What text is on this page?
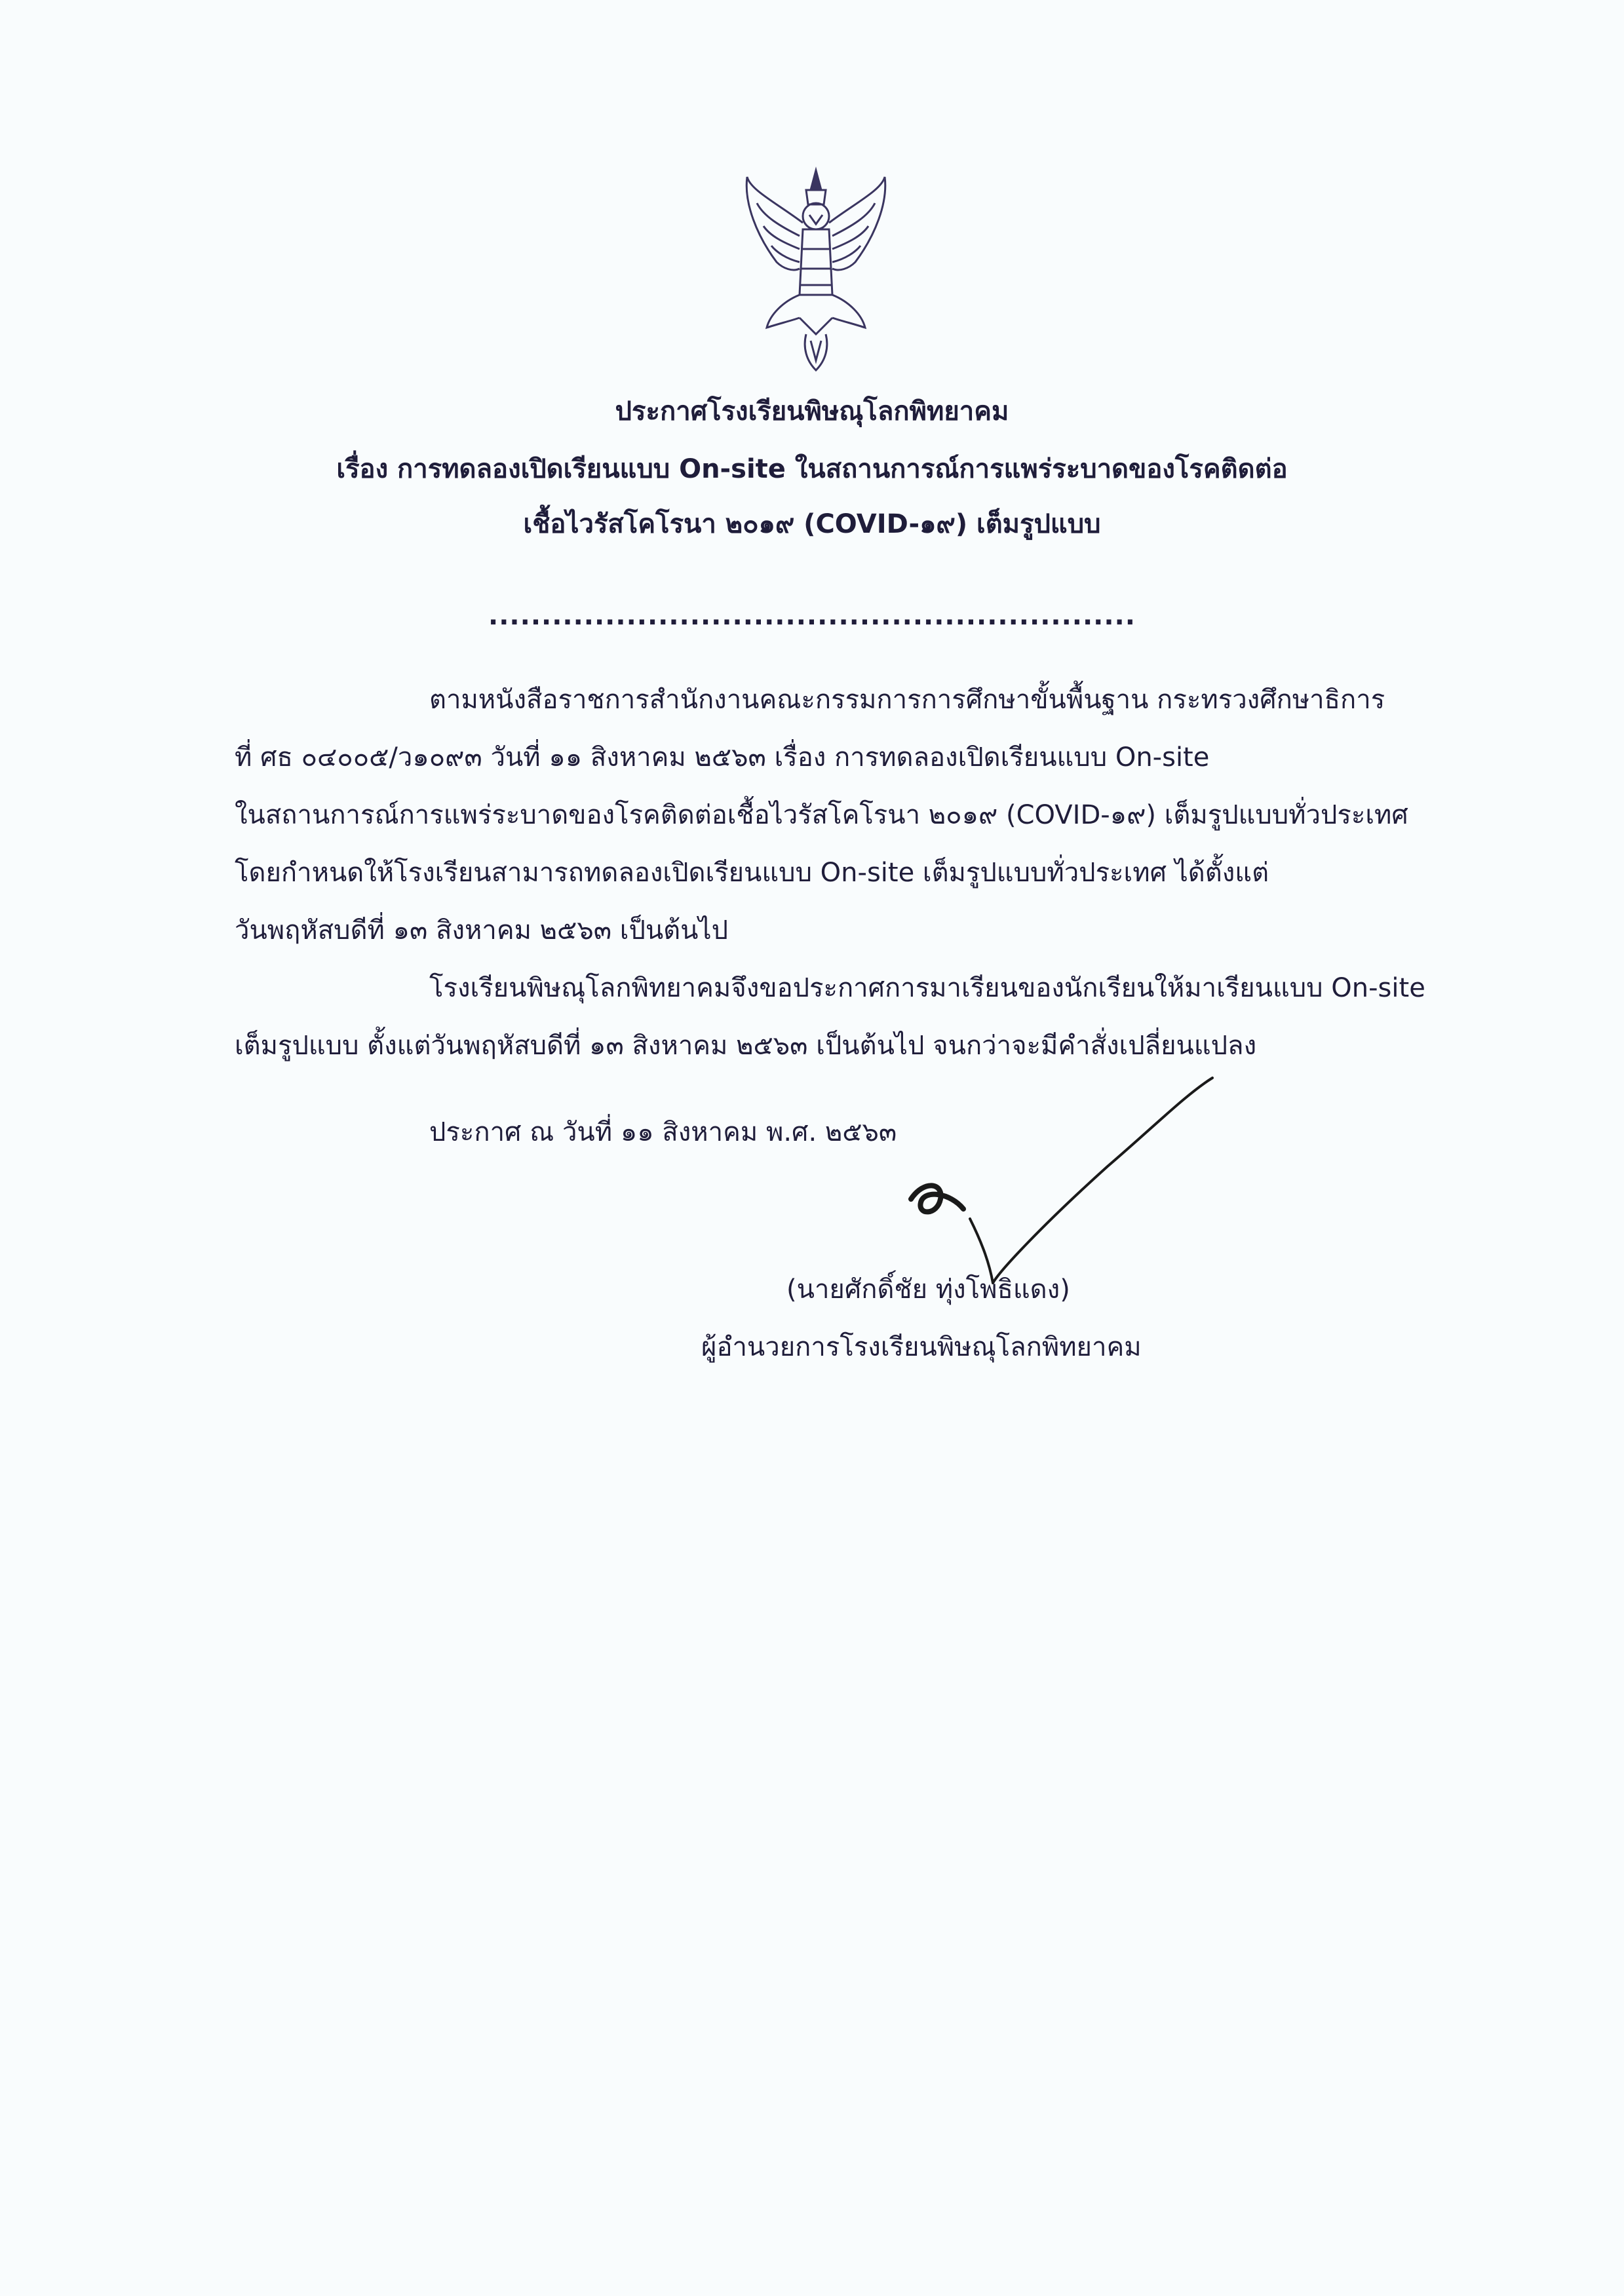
ประกาศโรงเรียนพิษณุโลกพิทยาคม
เรื่อง การทดลองเปิดเรียนแบบ On-site ในสถานการณ์การแพร่ระบาดของโรคติดต่อ
เชื้อไวรัสโคโรนา ๒๐๑๙ (COVID-๑๙) เต็มรูปแบบ
.............................................................
ตามหนังสือราชการสำนักงานคณะกรรมการการศึกษาขั้นพื้นฐาน กระทรวงศึกษาธิการ
ที่ ศธ ๐๔๐๐๕/ว๑๐๙๓ วันที่ ๑๑ สิงหาคม ๒๕๖๓ เรื่อง การทดลองเปิดเรียนแบบ On-site
ในสถานการณ์การแพร่ระบาดของโรคติดต่อเชื้อไวรัสโคโรนา ๒๐๑๙ (COVID-๑๙) เต็มรูปแบบทั่วประเทศ
โดยกำหนดให้โรงเรียนสามารถทดลองเปิดเรียนแบบ On-site เต็มรูปแบบทั่วประเทศ ได้ตั้งแต่
วันพฤหัสบดีที่ ๑๓ สิงหาคม ๒๕๖๓ เป็นต้นไป
โรงเรียนพิษณุโลกพิทยาคมจึงขอประกาศการมาเรียนของนักเรียนให้มาเรียนแบบ On-site
เต็มรูปแบบ ตั้งแต่วันพฤหัสบดีที่ ๑๓ สิงหาคม ๒๕๖๓ เป็นต้นไป จนกว่าจะมีคำสั่งเปลี่ยนแปลง
ประกาศ ณ วันที่ ๑๑ สิงหาคม พ.ศ. ๒๕๖๓
(นายศักดิ์ชัย ทุ่งโพธิแดง)
ผู้อำนวยการโรงเรียนพิษณุโลกพิทยาคม
